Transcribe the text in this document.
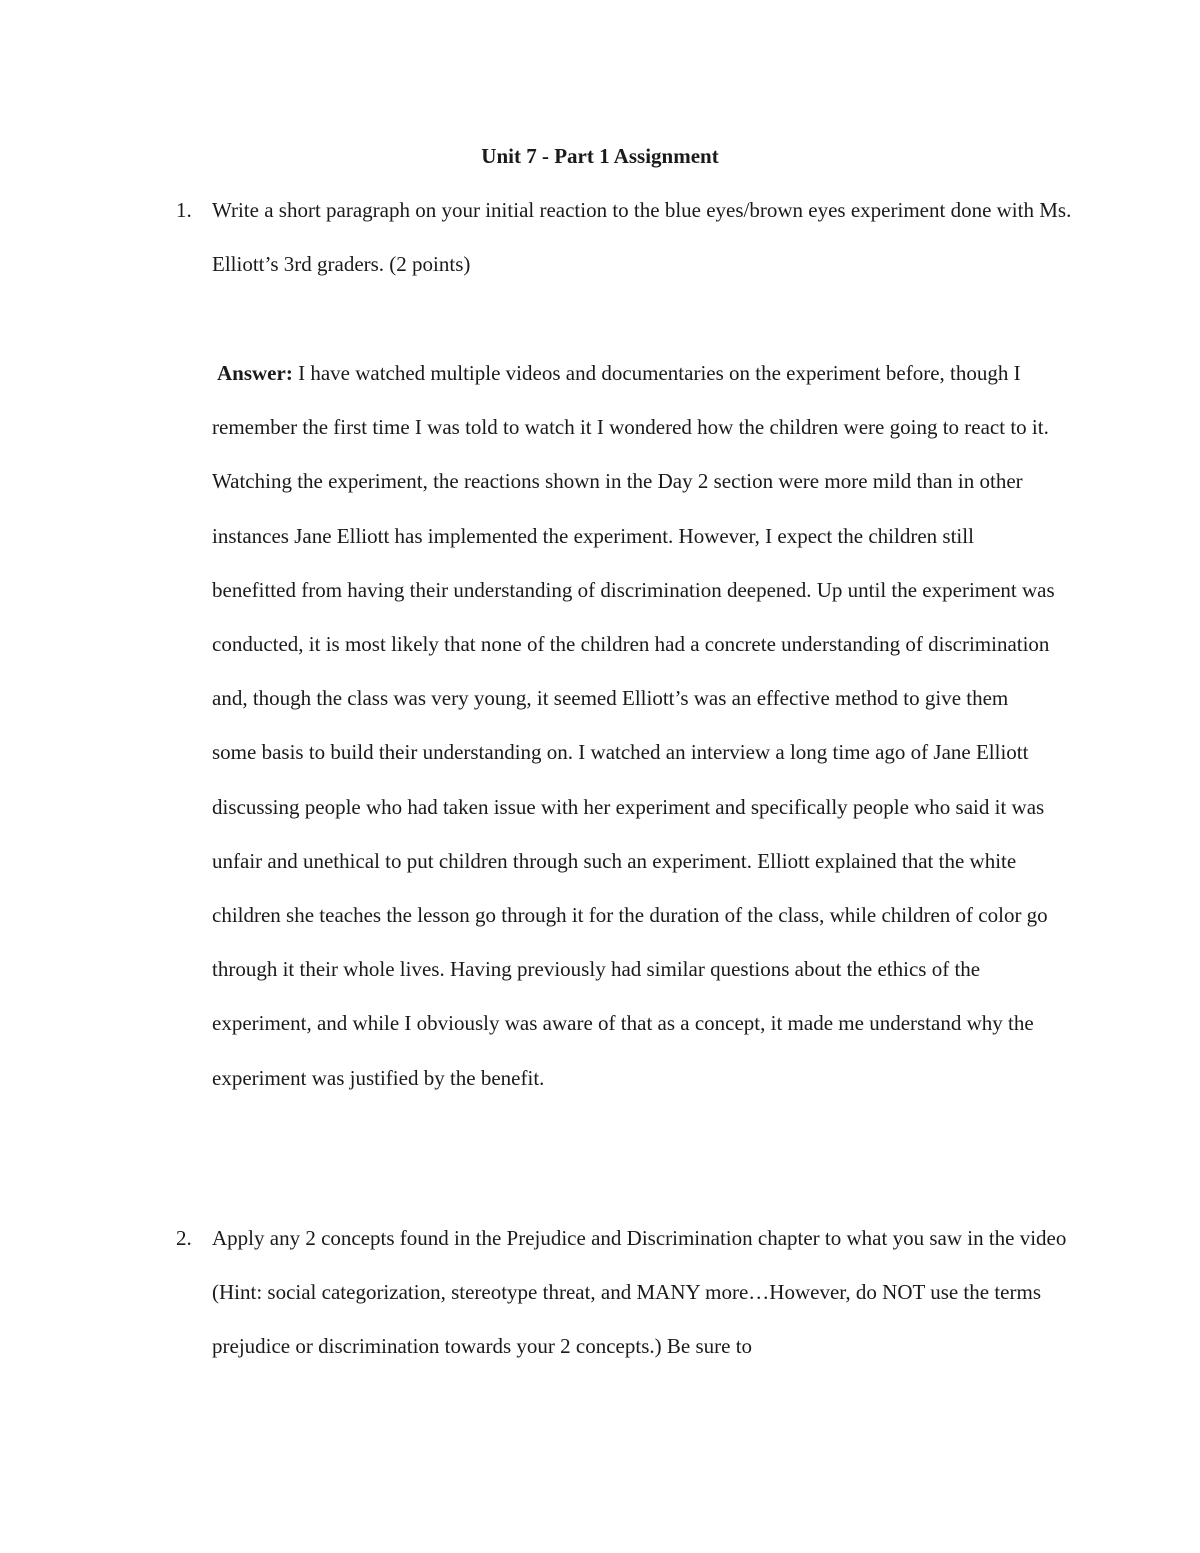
Unit 7 - Part 1 Assignment
1. Write a short paragraph on your initial reaction to the blue eyes/brown eyes experiment done with Ms. Elliott’s 3rd graders. (2 points)
Answer: I have watched multiple videos and documentaries on the experiment before, though I remember the first time I was told to watch it I wondered how the children were going to react to it. Watching the experiment, the reactions shown in the Day 2 section were more mild than in other instances Jane Elliott has implemented the experiment. However, I expect the children still benefitted from having their understanding of discrimination deepened. Up until the experiment was conducted, it is most likely that none of the children had a concrete understanding of discrimination and, though the class was very young, it seemed Elliott’s was an effective method to give them some basis to build their understanding on. I watched an interview a long time ago of Jane Elliott discussing people who had taken issue with her experiment and specifically people who said it was unfair and unethical to put children through such an experiment. Elliott explained that the white children she teaches the lesson go through it for the duration of the class, while children of color go through it their whole lives. Having previously had similar questions about the ethics of the experiment, and while I obviously was aware of that as a concept, it made me understand why the experiment was justified by the benefit.
2. Apply any 2 concepts found in the Prejudice and Discrimination chapter to what you saw in the video (Hint: social categorization, stereotype threat, and MANY more…However, do NOT use the terms prejudice or discrimination towards your 2 concepts.) Be sure to
